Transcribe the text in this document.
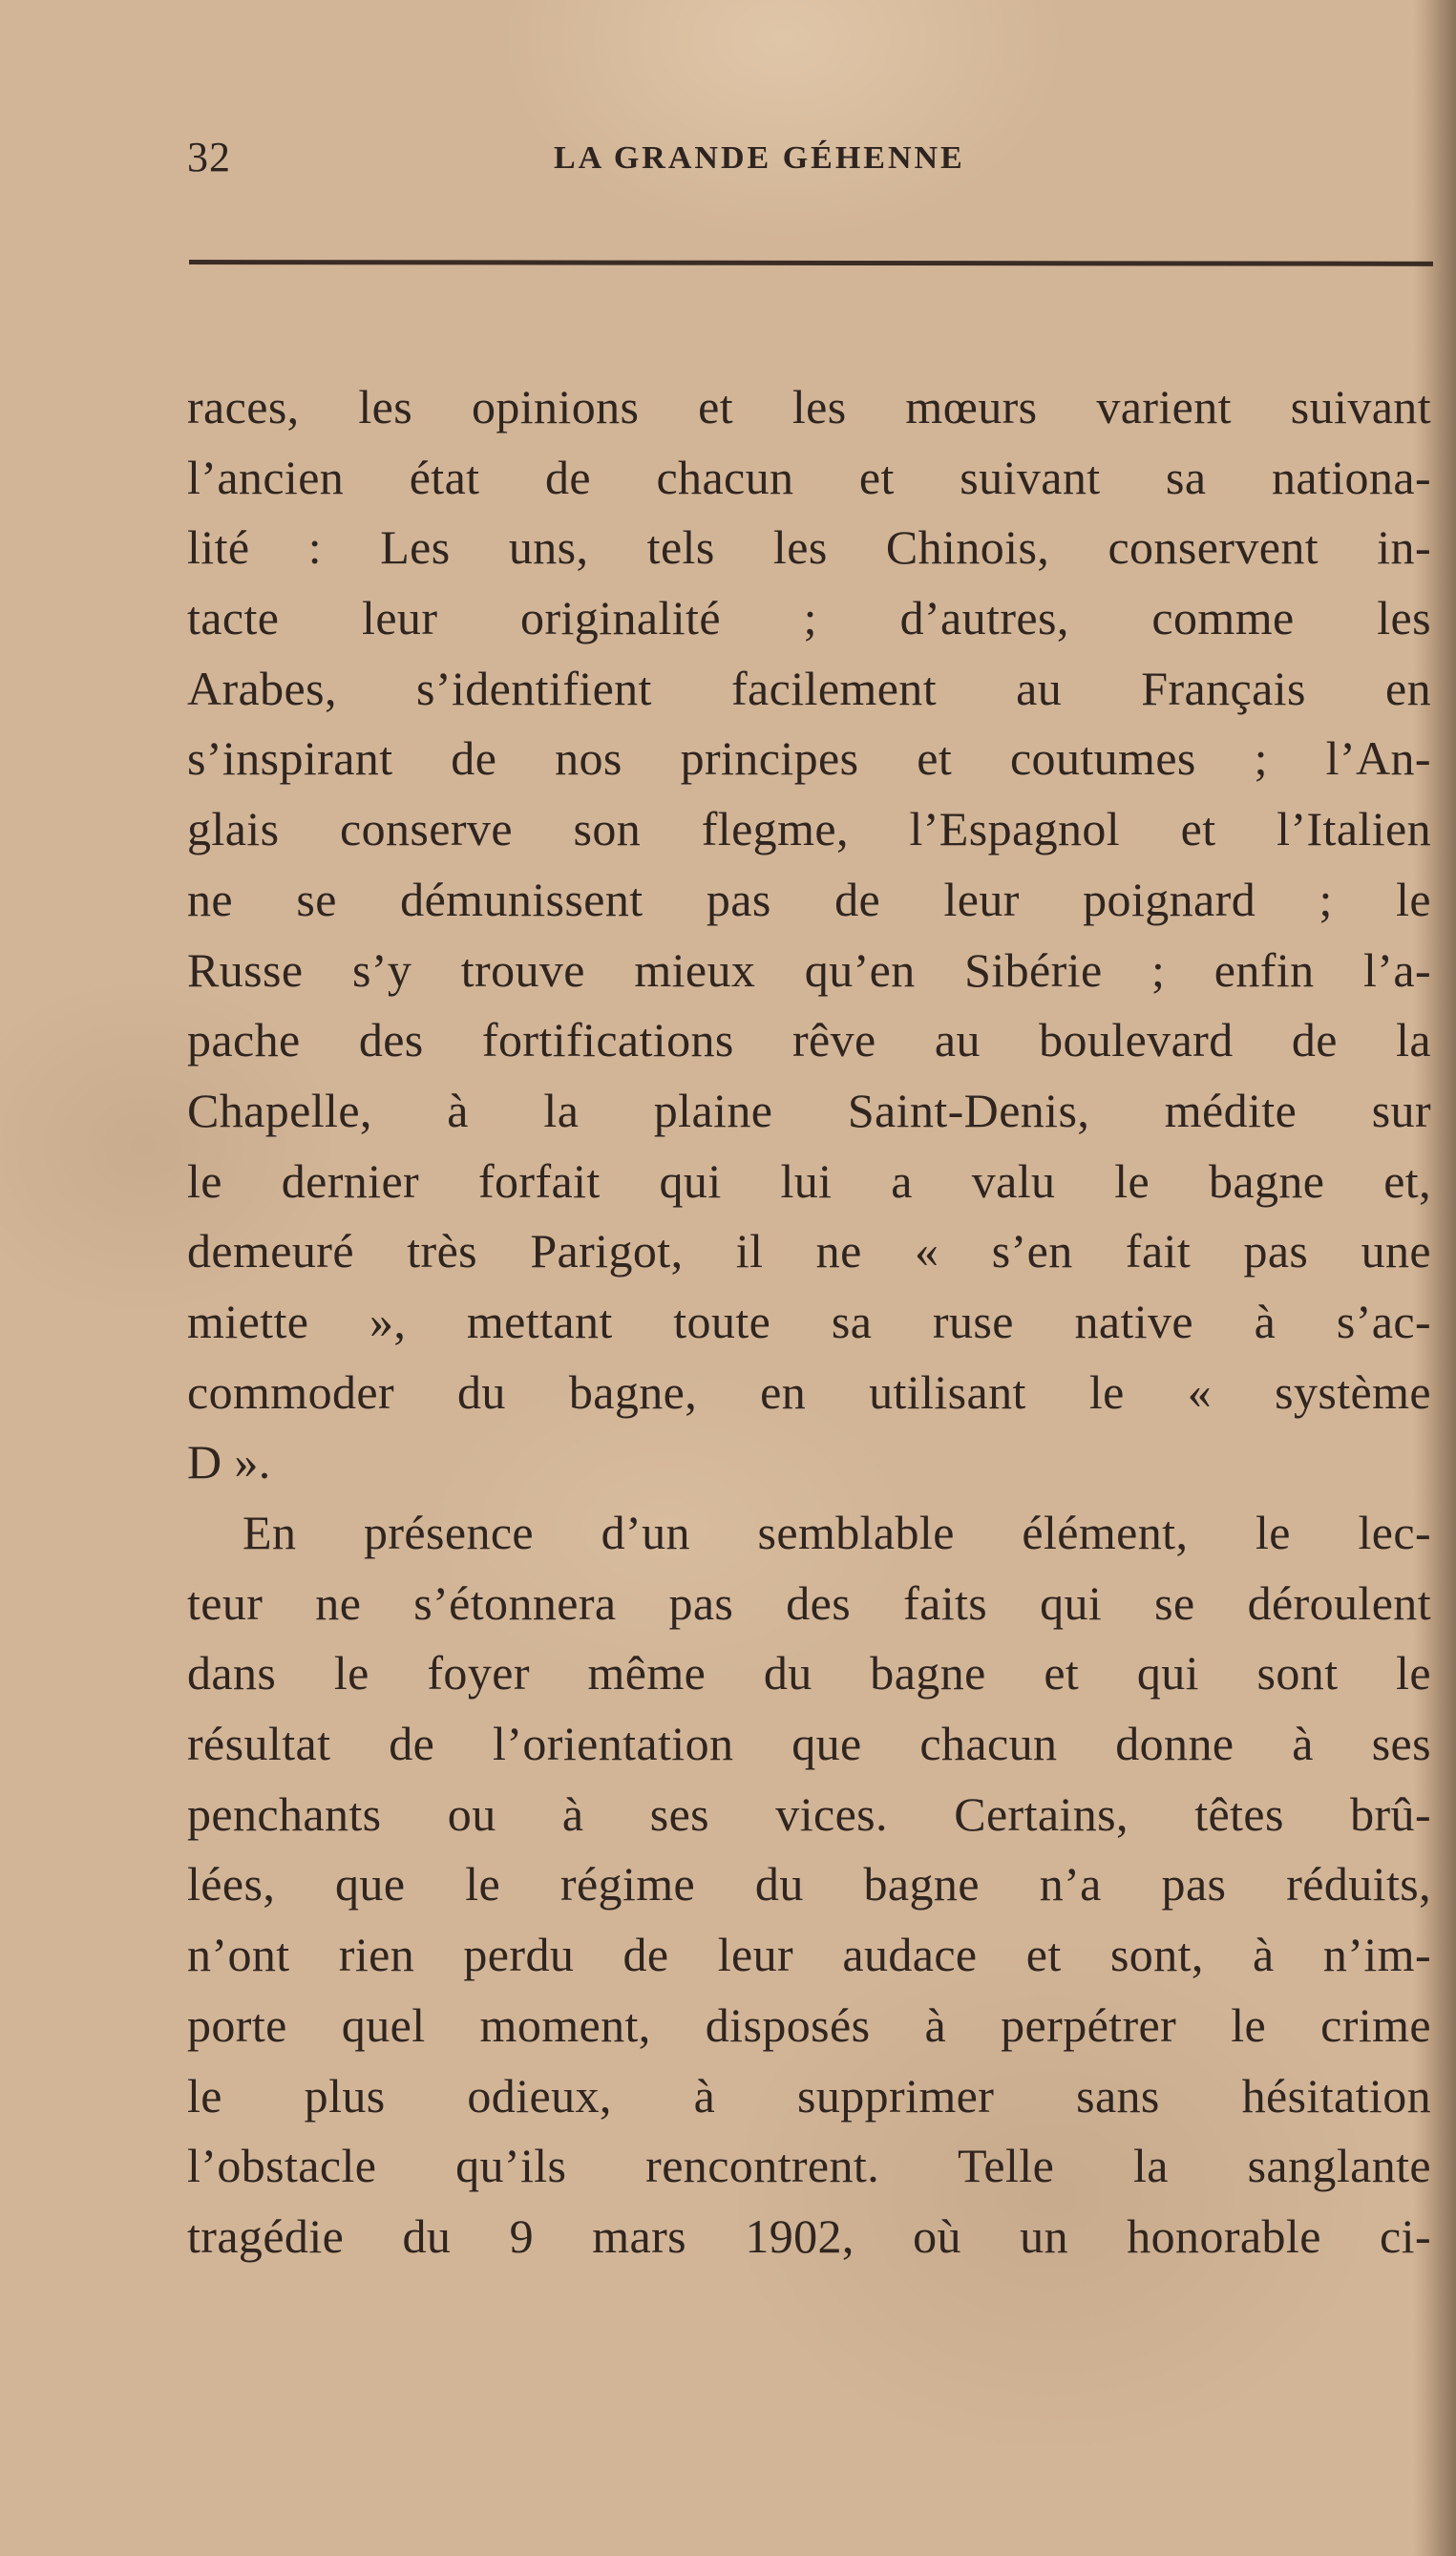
32	LA GRANDE GÉHENNE
races, les opinions et les mœurs varient suivant
l’ancien état de chacun et suivant sa nationa-
lité : Les uns, tels les Chinois, conservent in-
tacte leur originalité ; d’autres, comme les
Arabes, s’identifient facilement au Français en
s’inspirant de nos principes et coutumes ; l’An-
glais conserve son flegme, l’Espagnol et l’Italien
ne se démunissent pas de leur poignard ; le
Russe s’y trouve mieux qu’en Sibérie ; enfin l’a-
pache des fortifications rêve au boulevard de la
Chapelle, à la plaine Saint-Denis, médite sur
le dernier forfait qui lui a valu le bagne et,
demeuré très Parigot, il ne « s’en fait pas une
miette », mettant toute sa ruse native à s’ac-
commoder du bagne, en utilisant le « système
D ».
En présence d’un semblable élément, le lec-
teur ne s’étonnera pas des faits qui se déroulent
dans le foyer même du bagne et qui sont le
résultat de l’orientation que chacun donne à ses
penchants ou à ses vices. Certains, têtes brû-
lées, que le régime du bagne n’a pas réduits,
n’ont rien perdu de leur audace et sont, à n’im-
porte quel moment, disposés à perpétrer le crime
le plus odieux, à supprimer sans hésitation
l’obstacle qu’ils rencontrent. Telle la sanglante
tragédie du 9 mars 1902, où un honorable ci-
